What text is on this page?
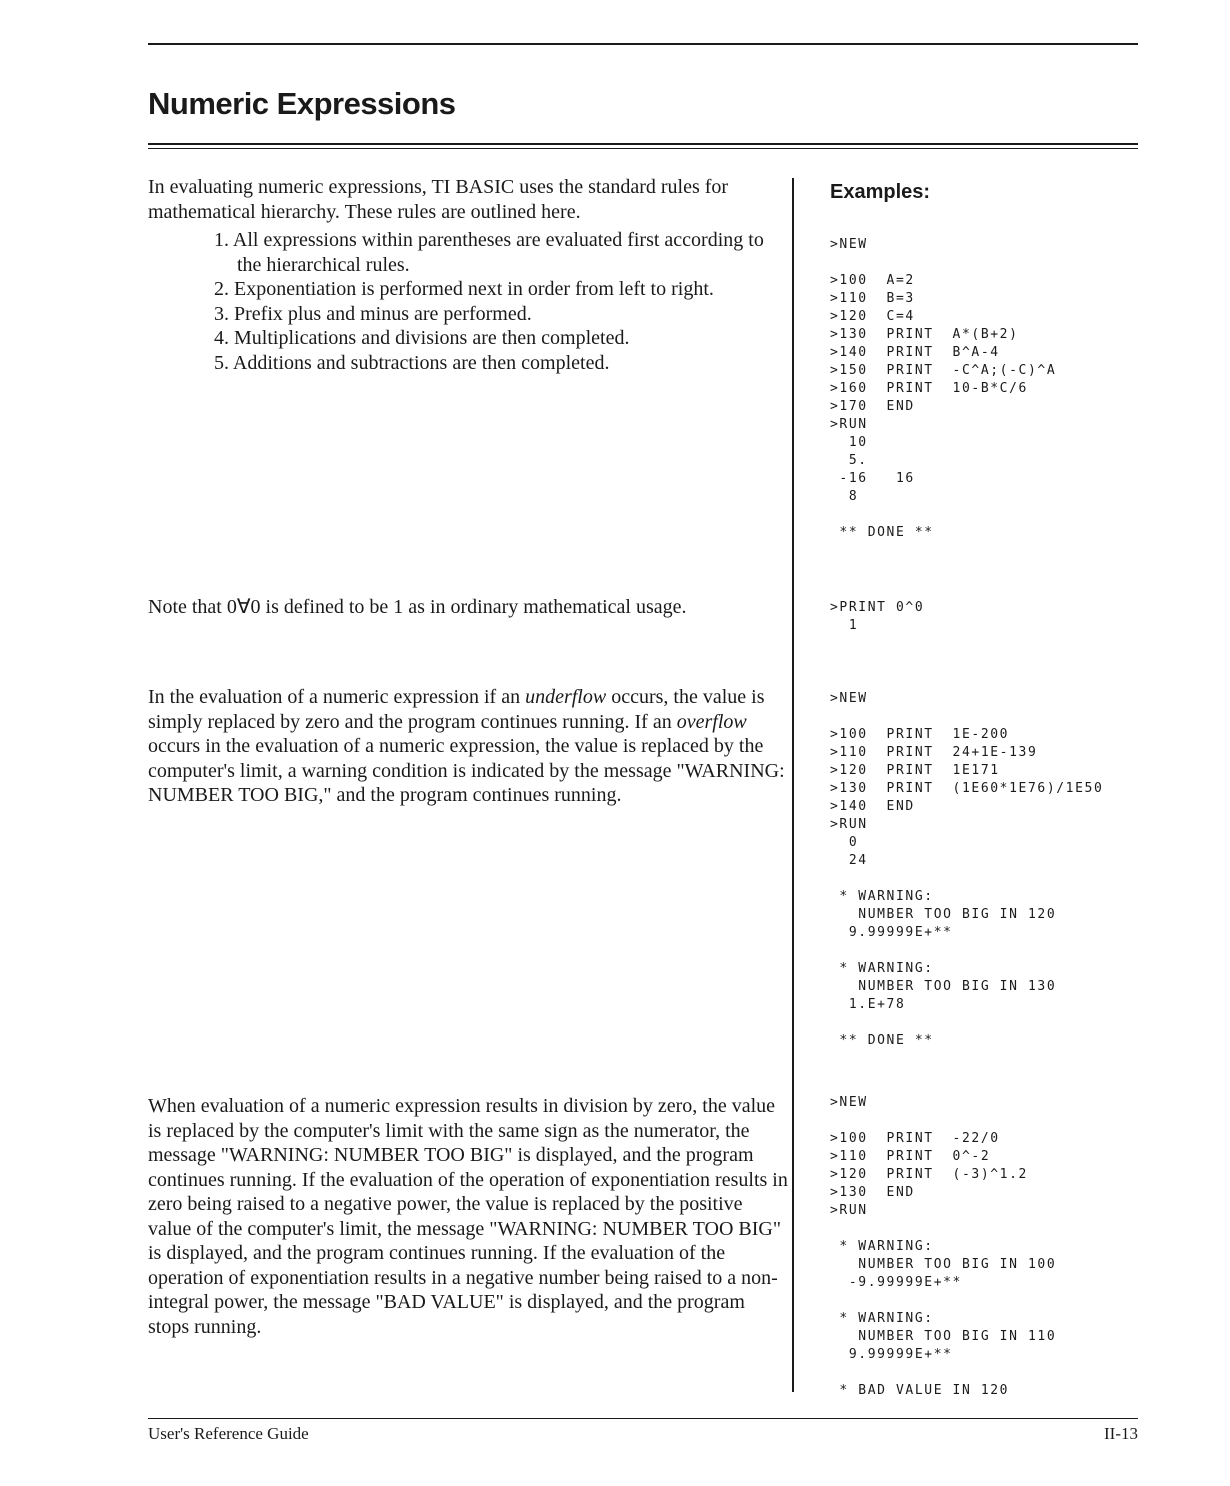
Numeric Expressions

In evaluating numeric expressions, TI BASIC uses the standard rules for mathematical hierarchy. These rules are outlined here.

1. All expressions within parentheses are evaluated first according to the hierarchical rules.
2. Exponentiation is performed next in order from left to right.
3. Prefix plus and minus are performed.
4. Multiplications and divisions are then completed.
5. Additions and subtractions are then completed.

Note that 0∀0 is defined to be 1 as in ordinary mathematical usage.

In the evaluation of a numeric expression if an underflow occurs, the value is simply replaced by zero and the program continues running. If an overflow occurs in the evaluation of a numeric expression, the value is replaced by the computer's limit, a warning condition is indicated by the message "WARNING: NUMBER TOO BIG," and the program continues running.

When evaluation of a numeric expression results in division by zero, the value is replaced by the computer's limit with the same sign as the numerator, the message "WARNING: NUMBER TOO BIG" is displayed, and the program continues running. If the evaluation of the operation of exponentiation results in zero being raised to a negative power, the value is replaced by the positive value of the computer's limit, the message "WARNING: NUMBER TOO BIG" is displayed, and the program continues running. If the evaluation of the operation of exponentiation results in a negative number being raised to a non-integral power, the message "BAD VALUE" is displayed, and the program stops running.

Examples:
>NEW
>100  A=2
>110  B=3
>120  C=4
>130  PRINT  A*(B+2)
>140  PRINT  B^A-4
>150  PRINT  -C^A;(-C)^A
>160  PRINT  10-B*C/6
>170  END
>RUN
10
5.
-16   16
8
** DONE **
>PRINT 0^0
1
>NEW
>100  PRINT  1E-200
>110  PRINT  24+1E-139
>120  PRINT  1E171
>130  PRINT  (1E60*1E76)/1E50
>140  END
>RUN
0
24
* WARNING:
NUMBER TOO BIG IN 120
9.99999E+**
* WARNING:
NUMBER TOO BIG IN 130
1.E+78
** DONE **
>NEW
>100  PRINT  -22/0
>110  PRINT  0^-2
>120  PRINT  (-3)^1.2
>130  END
>RUN
* WARNING:
NUMBER TOO BIG IN 100
-9.99999E+**
* WARNING:
NUMBER TOO BIG IN 110
9.99999E+**
* BAD VALUE IN 120
User's Reference Guide	II-13
